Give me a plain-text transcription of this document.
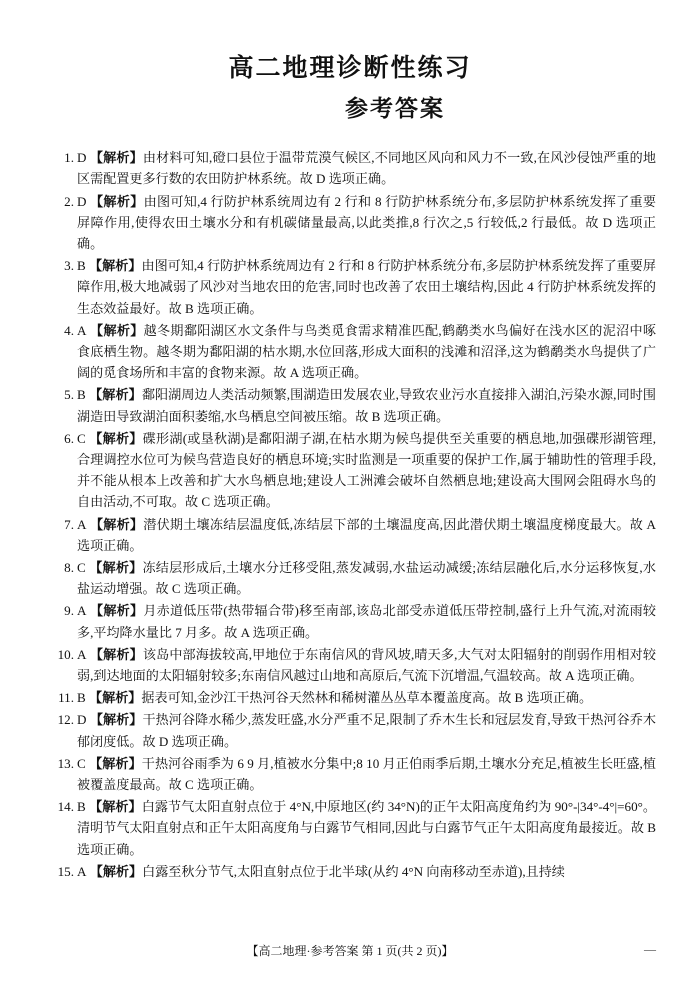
高二地理诊断性练习
参考答案
1. D 【解析】由材料可知,磴口县位于温带荒漠气候区,不同地区风向和风力不一致,在风沙侵蚀严重的地区需配置更多行数的农田防护林系统。故 D 选项正确。
2. D 【解析】由图可知,4 行防护林系统周边有 2 行和 8 行防护林系统分布,多层防护林系统发挥了重要屏障作用,使得农田土壤水分和有机碳储量最高,以此类推,8 行次之,5 行较低,2 行最低。故 D 选项正确。
3. B 【解析】由图可知,4 行防护林系统周边有 2 行和 8 行防护林系统分布,多层防护林系统发挥了重要屏障作用,极大地减弱了风沙对当地农田的危害,同时也改善了农田土壤结构,因此 4 行防护林系统发挥的生态效益最好。故 B 选项正确。
4. A 【解析】越冬期鄱阳湖区水文条件与鸟类觅食需求精准匹配,鹤鹬类水鸟偏好在浅水区的泥沼中啄食底栖生物。越冬期为鄱阳湖的枯水期,水位回落,形成大面积的浅滩和沼泽,这为鹤鹬类水鸟提供了广阔的觅食场所和丰富的食物来源。故 A 选项正确。
5. B 【解析】鄱阳湖周边人类活动频繁,围湖造田发展农业,导致农业污水直接排入湖泊,污染水源,同时围湖造田导致湖泊面积萎缩,水鸟栖息空间被压缩。故 B 选项正确。
6. C 【解析】碟形湖(或垦秋湖)是鄱阳湖子湖,在枯水期为候鸟提供至关重要的栖息地,加强碟形湖管理,合理调控水位可为候鸟营造良好的栖息环境;实时监测是一项重要的保护工作,属于辅助性的管理手段,并不能从根本上改善和扩大水鸟栖息地;建设人工洲滩会破坏自然栖息地;建设高大围网会阻碍水鸟的自由活动,不可取。故 C 选项正确。
7. A 【解析】潜伏期土壤冻结层温度低,冻结层下部的土壤温度高,因此潜伏期土壤温度梯度最大。故 A 选项正确。
8. C 【解析】冻结层形成后,土壤水分迁移受阻,蒸发减弱,水盐运动减缓;冻结层融化后,水分运移恢复,水盐运动增强。故 C 选项正确。
9. A 【解析】月赤道低压带(热带辐合带)移至南部,该岛北部受赤道低压带控制,盛行上升气流,对流雨较多,平均降水量比 7 月多。故 A 选项正确。
10. A 【解析】该岛中部海拔较高,甲地位于东南信风的背风坡,晴天多,大气对太阳辐射的削弱作用相对较弱,到达地面的太阳辐射较多;东南信风越过山地和高原后,气流下沉增温,气温较高。故 A 选项正确。
11. B 【解析】据表可知,金沙江干热河谷天然林和稀树灌丛丛草本覆盖度高。故 B 选项正确。
12. D 【解析】干热河谷降水稀少,蒸发旺盛,水分严重不足,限制了乔木生长和冠层发育,导致干热河谷乔木郁闭度低。故 D 选项正确。
13. C 【解析】干热河谷雨季为 6 9 月,植被水分集中;8 10 月正伯雨季后期,土壤水分充足,植被生长旺盛,植被覆盖度最高。故 C 选项正确。
14. B 【解析】白露节气太阳直射点位于 4°N,中原地区(约 34°N)的正午太阳高度角约为 90°-|34°-4°|=60°。清明节气太阳直射点和正午太阳高度角与白露节气相同,因此与白露节气正午太阳高度角最接近。故 B 选项正确。
15. A 【解析】白露至秋分节气,太阳直射点位于北半球(从约 4°N 向南移动至赤道),且持续
【高二地理·参考答案 第 1 页(共 2 页)】	—
